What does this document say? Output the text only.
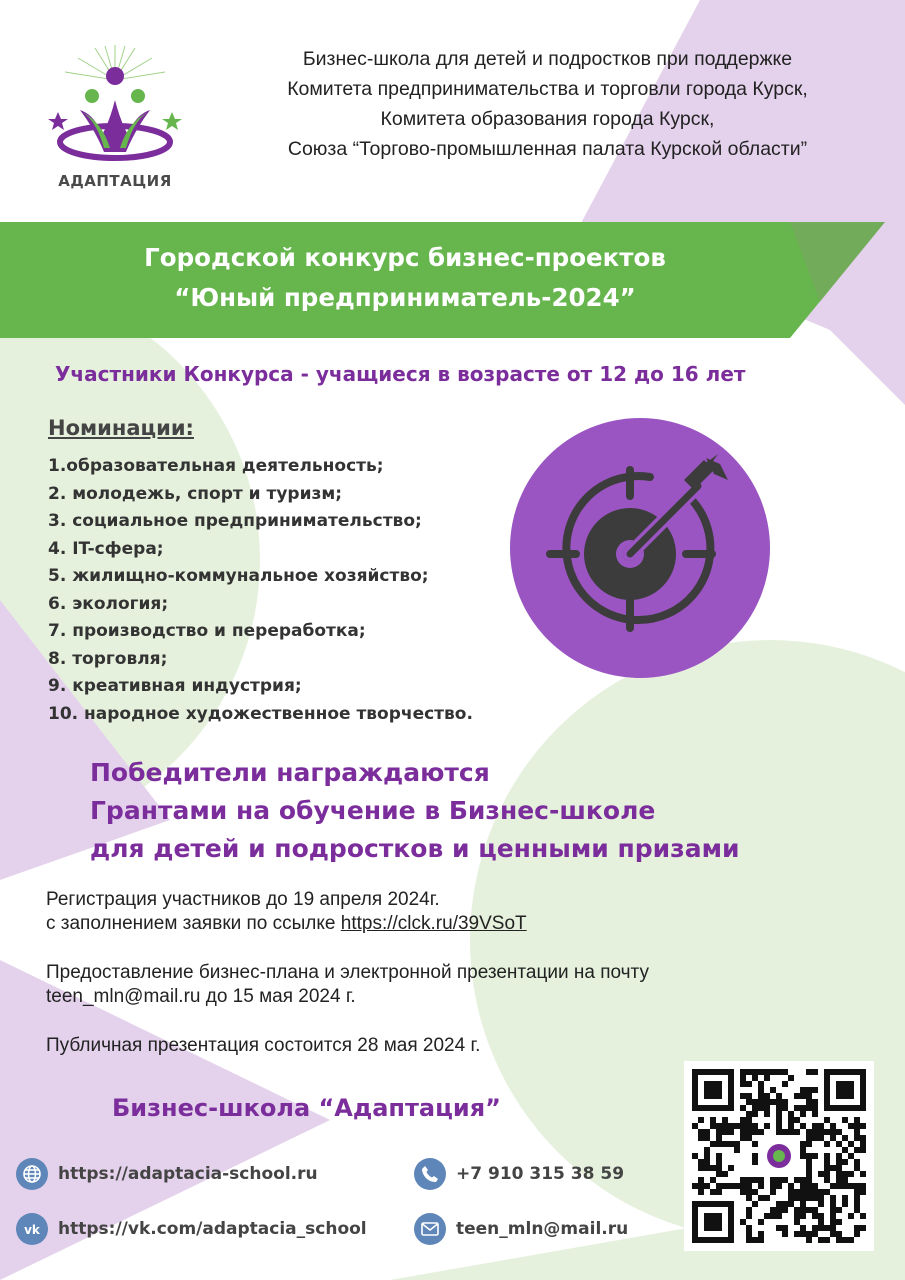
АДАПТАЦИЯ
Бизнес-школа для детей и подростков при поддержке
Комитета предпринимательства и торговли города Курск,
Комитета образования города Курск,
Союза “Торгово-промышленная палата Курской области”
Городской конкурс бизнес-проектов
“Юный предприниматель-2024”
Участники Конкурса - учащиеся в возрасте от 12 до 16 лет
Номинации:
1.образовательная деятельность;
2. молодежь, спорт и туризм;
3. социальное предпринимательство;
4. IT-сфера;
5. жилищно-коммунальное хозяйство;
6. экология;
7. производство и переработка;
8. торговля;
9. креативная индустрия;
10. народное художественное творчество.
Победители награждаются
Грантами на обучение в Бизнес-школе
для детей и подростков и ценными призами
Регистрация участников до 19 апреля 2024г.
с заполнением заявки по ссылке https://clck.ru/39VSoT
Предоставление бизнес-плана и электронной презентации на почту
teen_mln@mail.ru до 15 мая 2024 г.
Публичная презентация состоится 28 мая 2024 г.
Бизнес-школа “Адаптация”
https://adaptacia-school.ru
vk https://vk.com/adaptacia_school
+7 910 315 38 59
teen_mln@mail.ru
